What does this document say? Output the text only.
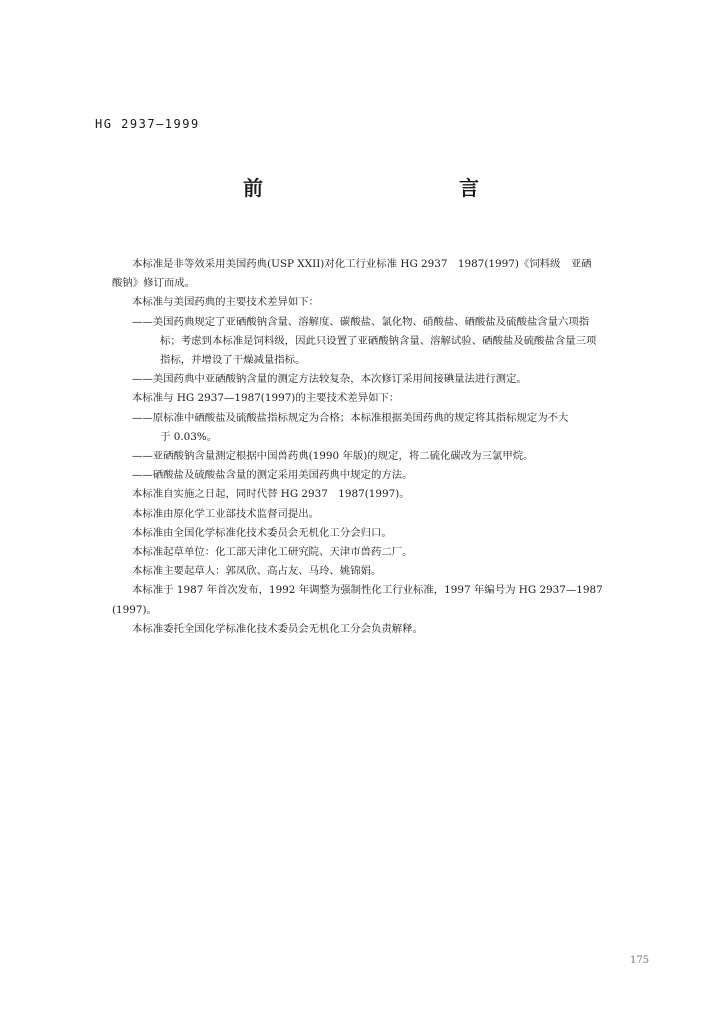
HG 2937—1999
前　　言

本标准是非等效采用美国药典(USP XXII)对化工行业标准 HG 2937　1987(1997)《饲料级　亚硒

酸钠》修订而成。

本标准与美国药典的主要技术差异如下：

——美国药典规定了亚硒酸钠含量、溶解度、碳酸盐、氯化物、硝酸盐、硒酸盐及硫酸盐含量六项指

标；考虑到本标准是饲料级，因此只设置了亚硒酸钠含量、溶解试验、硒酸盐及硫酸盐含量三项

指标，并增设了干燥减量指标。

——美国药典中亚硒酸钠含量的测定方法较复杂，本次修订采用间接碘量法进行测定。

本标准与 HG 2937—1987(1997)的主要技术差异如下：

——原标准中硒酸盐及硫酸盐指标规定为合格；本标准根据美国药典的规定将其指标规定为不大

于 0.03%。

——亚硒酸钠含量测定根据中国兽药典(1990 年版)的规定，将二硫化碳改为三氯甲烷。

——硒酸盐及硫酸盐含量的测定采用美国药典中规定的方法。

本标准自实施之日起，同时代替 HG 2937　1987(1997)。

本标准由原化学工业部技术监督司提出。

本标准由全国化学标准化技术委员会无机化工分会归口。

本标准起草单位：化工部天津化工研究院、天津市兽药二厂。

本标准主要起草人：郭凤欣、高占友、马玲、姚锦娟。

本标准于 1987 年首次发布，1992 年调整为强制性化工行业标准，1997 年编号为 HG 2937—1987

(1997)。

本标准委托全国化学标准化技术委员会无机化工分会负责解释。

175
